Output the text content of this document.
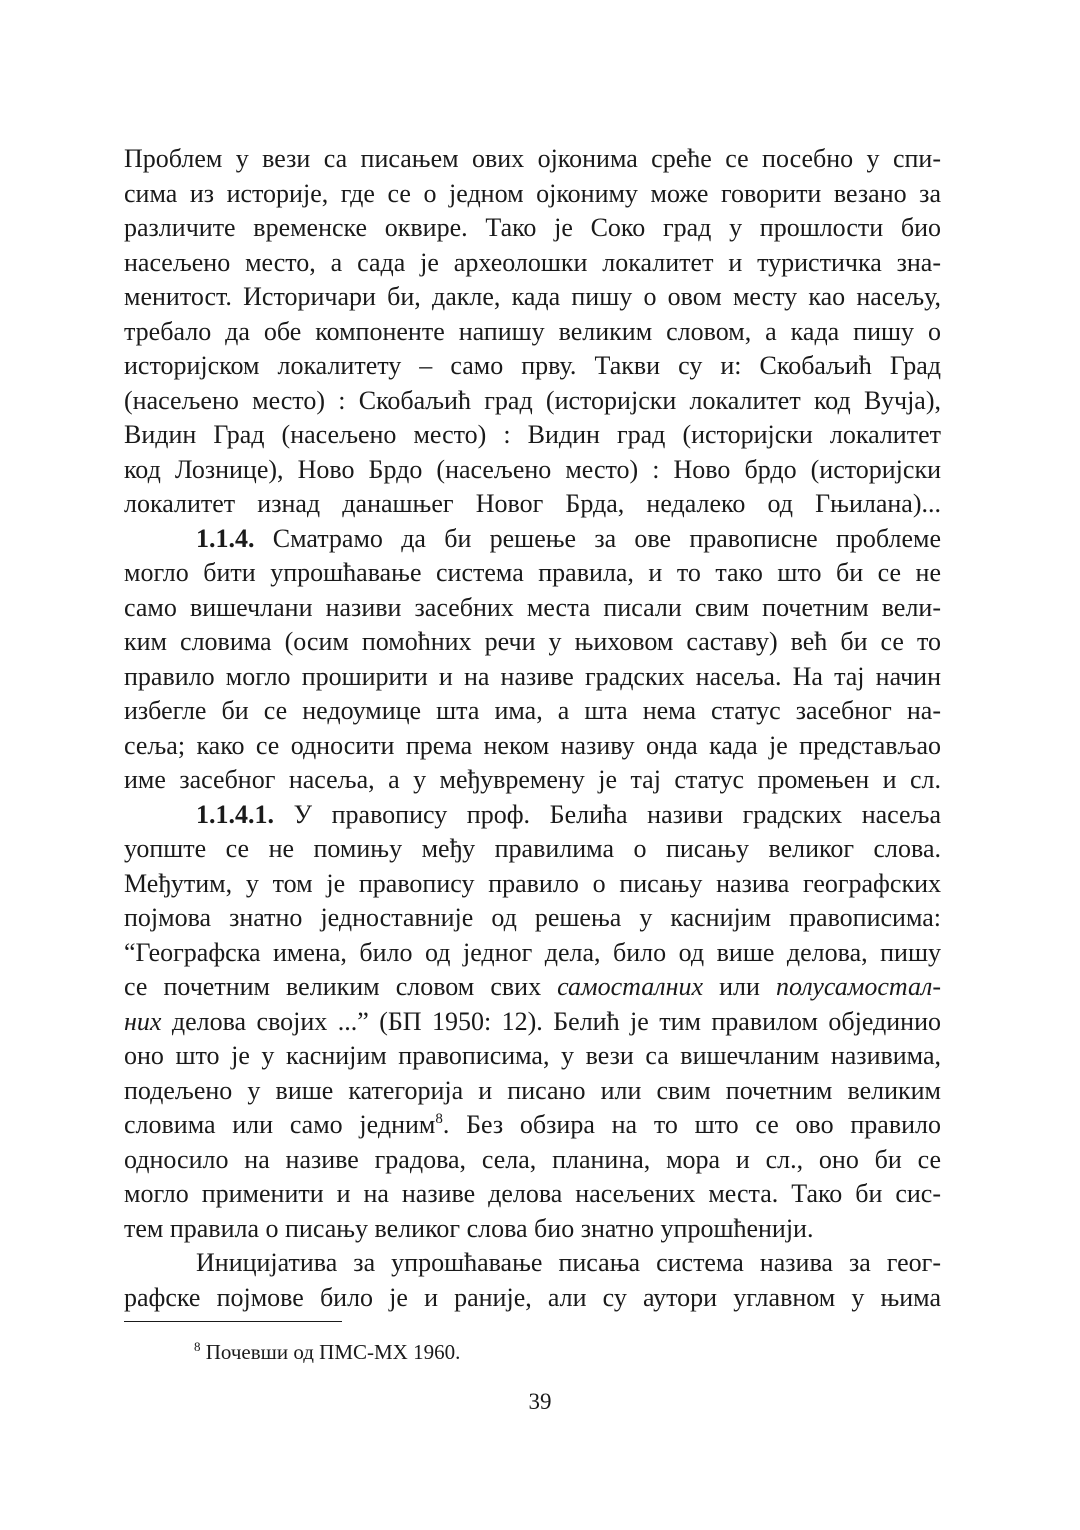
Проблем у вези са писањем ових ојконима среће се посебно у спи-
сима из историје, где се о једном ојкониму може говорити везано за
различите временске оквире. Тако је Соко град у прошлости био
насељено место, а сада је археолошки локалитет и туристичка зна-
менитост. Историчари би, дакле, када пишу о овом месту као насељу,
требало да обе компоненте напишу великим словом, а када пишу о
историјском локалитету – само прву. Такви су и: Скобаљић Град
(насељено место) : Скобаљић град (историјски локалитет код Вучја),
Видин Град (насељено место) : Видин град (историјски локалитет
код Лознице), Ново Брдо (насељено место) : Ново брдо (историјски
локалитет изнад данашњег Новог Брда, недалеко од Гњилана)...
1.1.4. Сматрамо да би решење за ове правописне проблеме
могло бити упрошћавање система правила, и то тако што би се не
само вишечлани називи засебних места писали свим почетним вели-
ким словима (осим помоћних речи у њиховом саставу) већ би се то
правило могло проширити и на називе градских насеља. На тај начин
избегле би се недоумице шта има, а шта нема статус засебног на-
сеља; како се односити према неком називу онда када је представљао
име засебног насеља, а у међувремену је тај статус промењен и сл.
1.1.4.1. У правопису проф. Белића називи градских насеља
уопште се не помињу међу правилима о писању великог слова.
Међутим, у том је правопису правило о писању назива географских
појмова знатно једноставније од решења у каснијим правописима:
“Географска имена, било од једног дела, било од више делова, пишу
се почетним великим словом свих самосталних или полусамостал-
них делова својих ...” (БП 1950: 12). Белић је тим правилом објединио
оно што је у каснијим правописима, у вези са вишечланим називима,
подељено у више категорија и писано или свим почетним великим
словима или само једним$^8$. Без обзира на то што се ово правило
односило на називе градова, села, планина, мора и сл., оно би се
могло применити и на називе делова насељених места. Тако би сис-
тем правила о писању великог слова био знатно упрошћенији.
Иницијатива за упрошћавање писања система назива за геог-
рафске појмове било је и раније, али су аутори углавном у њима
$^8$ Почевши од ПМС-МХ 1960.
39
